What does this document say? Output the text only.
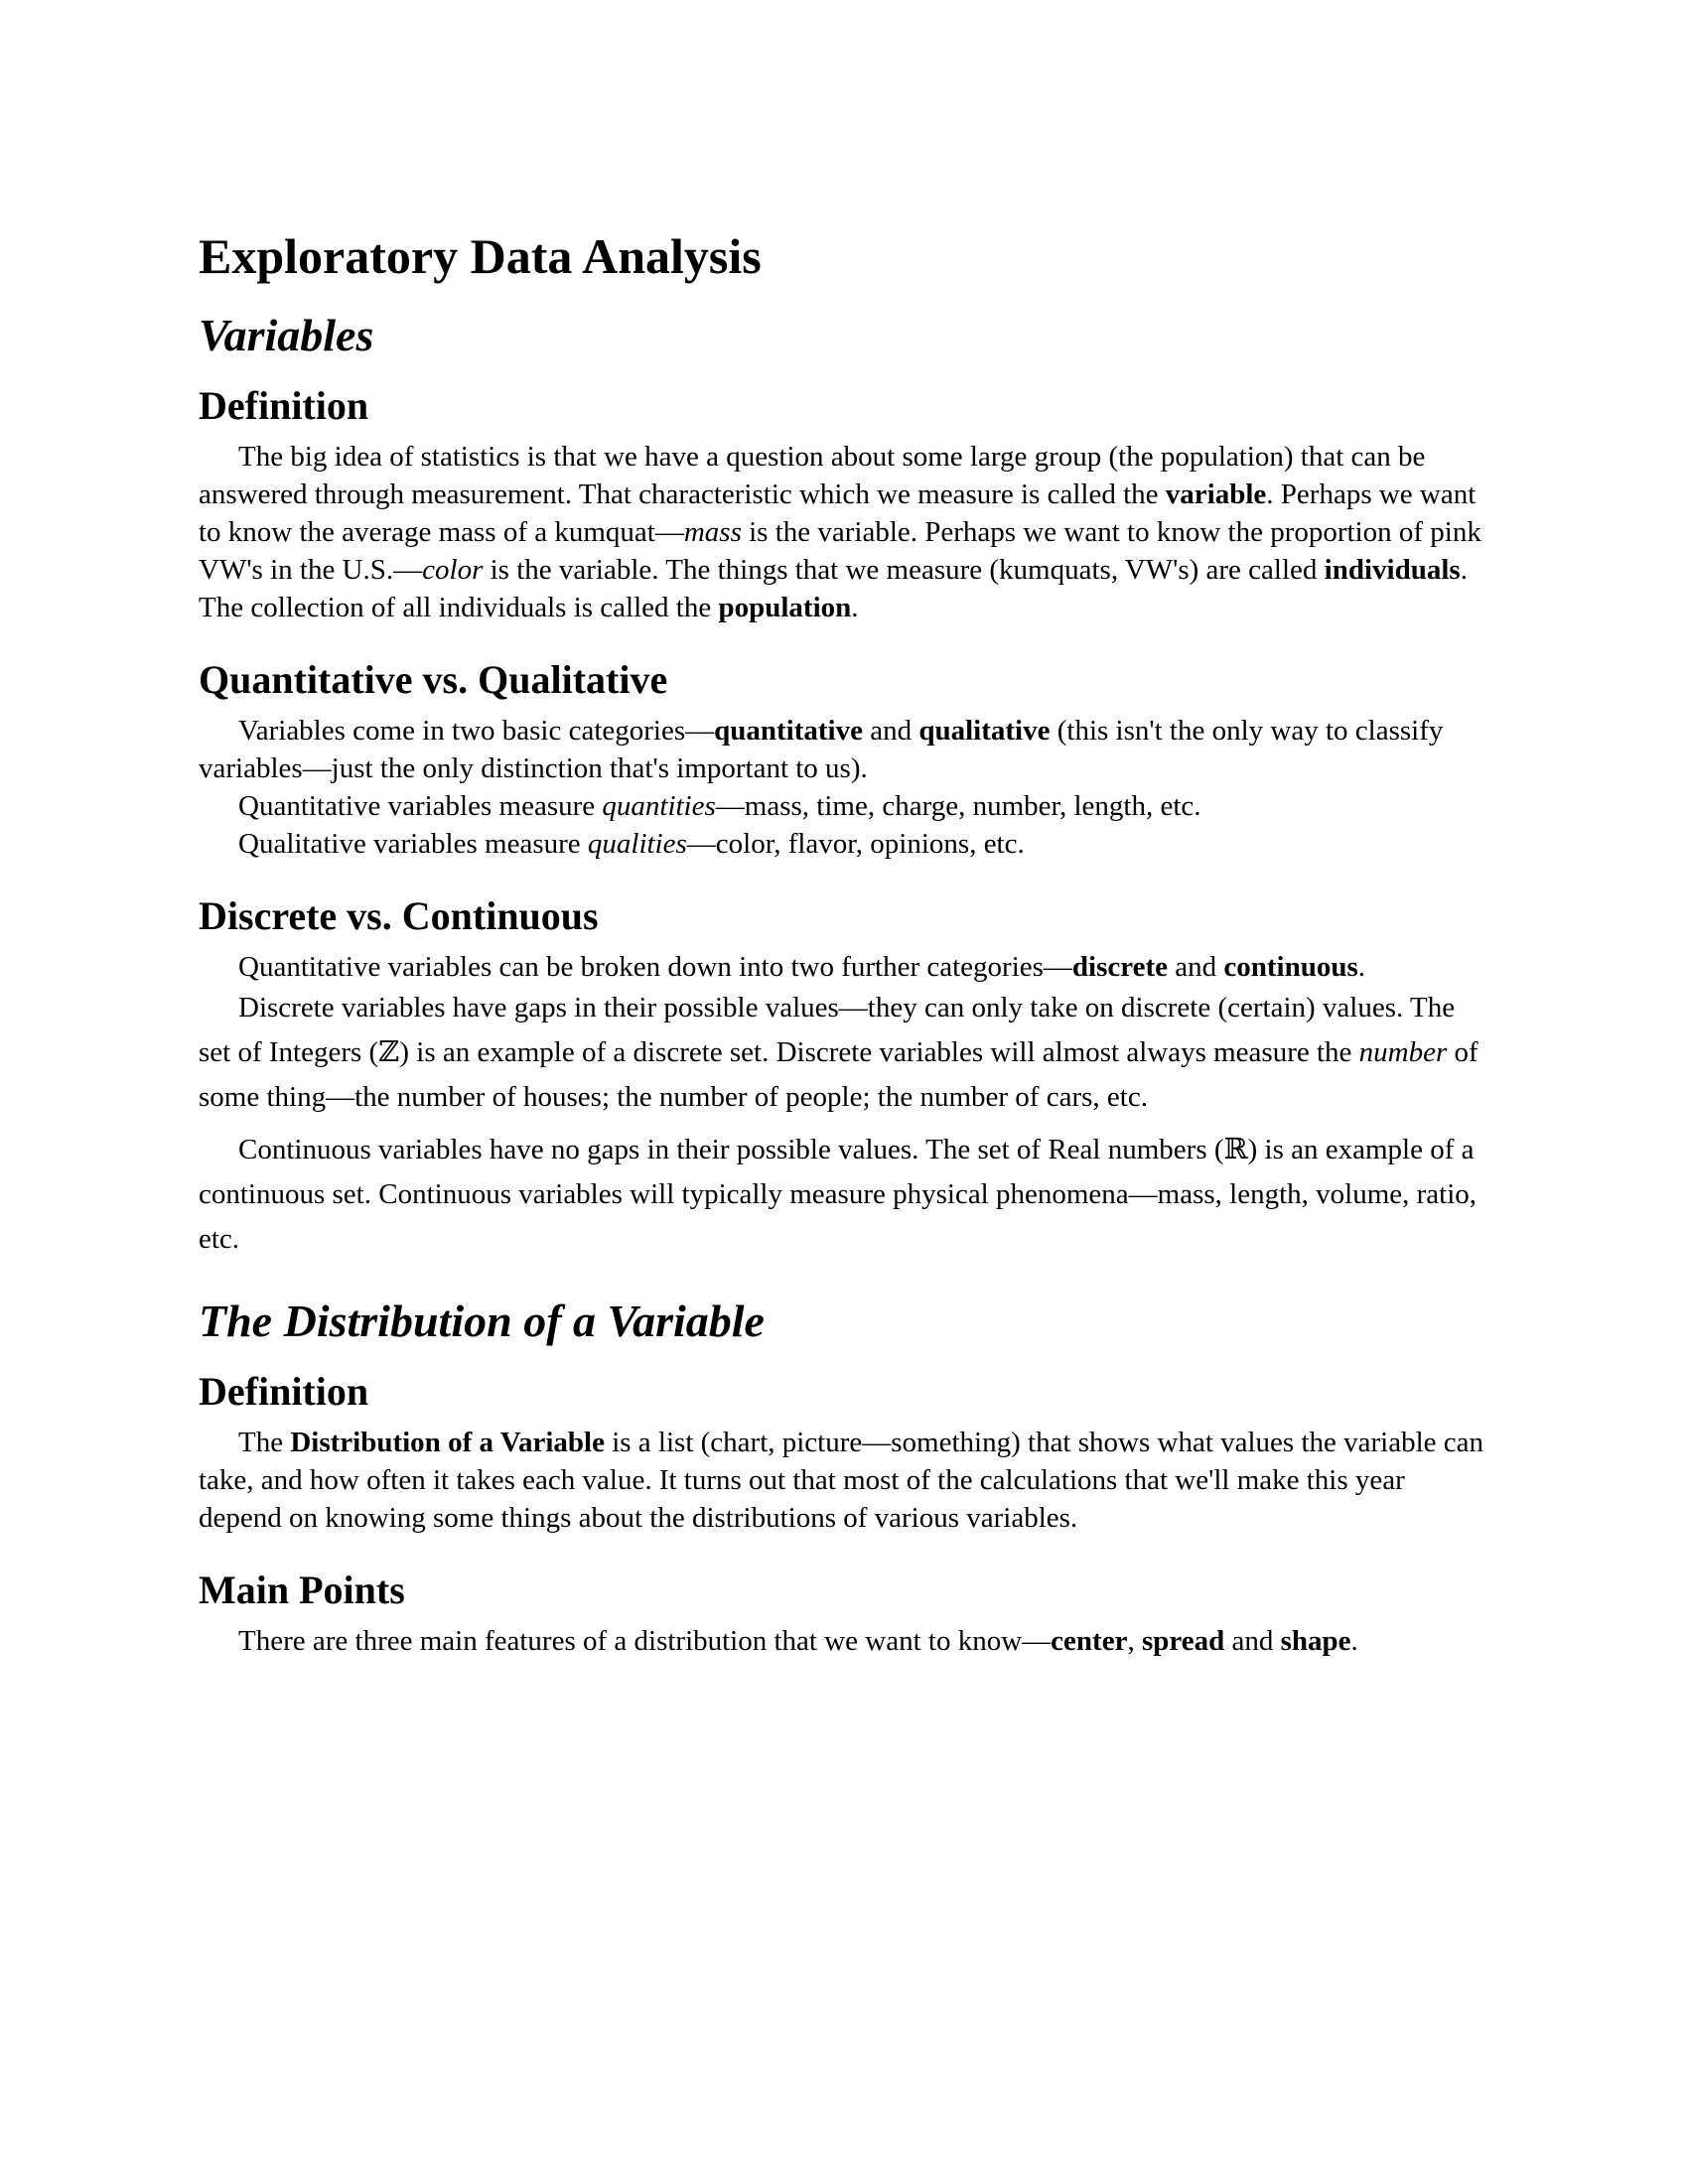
Exploratory Data Analysis
Variables
Definition

The big idea of statistics is that we have a question about some large group (the population) that can be answered through measurement. That characteristic which we measure is called the variable. Perhaps we want to know the average mass of a kumquat—mass is the variable. Perhaps we want to know the proportion of pink VW's in the U.S.—color is the variable. The things that we measure (kumquats, VW's) are called individuals. The collection of all individuals is called the population.

Quantitative vs. Qualitative

Variables come in two basic categories—quantitative and qualitative (this isn't the only way to classify variables—just the only distinction that's important to us).

Quantitative variables measure quantities—mass, time, charge, number, length, etc.

Qualitative variables measure qualities—color, flavor, opinions, etc.

Discrete vs. Continuous

Quantitative variables can be broken down into two further categories—discrete and continuous.

Discrete variables have gaps in their possible values—they can only take on discrete (certain) values. The set of Integers (ℤ) is an example of a discrete set. Discrete variables will almost always measure the number of some thing—the number of houses; the number of people; the number of cars, etc.

Continuous variables have no gaps in their possible values. The set of Real numbers (ℝ) is an example of a continuous set. Continuous variables will typically measure physical phenomena—mass, length, volume, ratio, etc.

The Distribution of a Variable
Definition

The Distribution of a Variable is a list (chart, picture—something) that shows what values the variable can take, and how often it takes each value. It turns out that most of the calculations that we'll make this year depend on knowing some things about the distributions of various variables.

Main Points

There are three main features of a distribution that we want to know—center, spread and shape.
